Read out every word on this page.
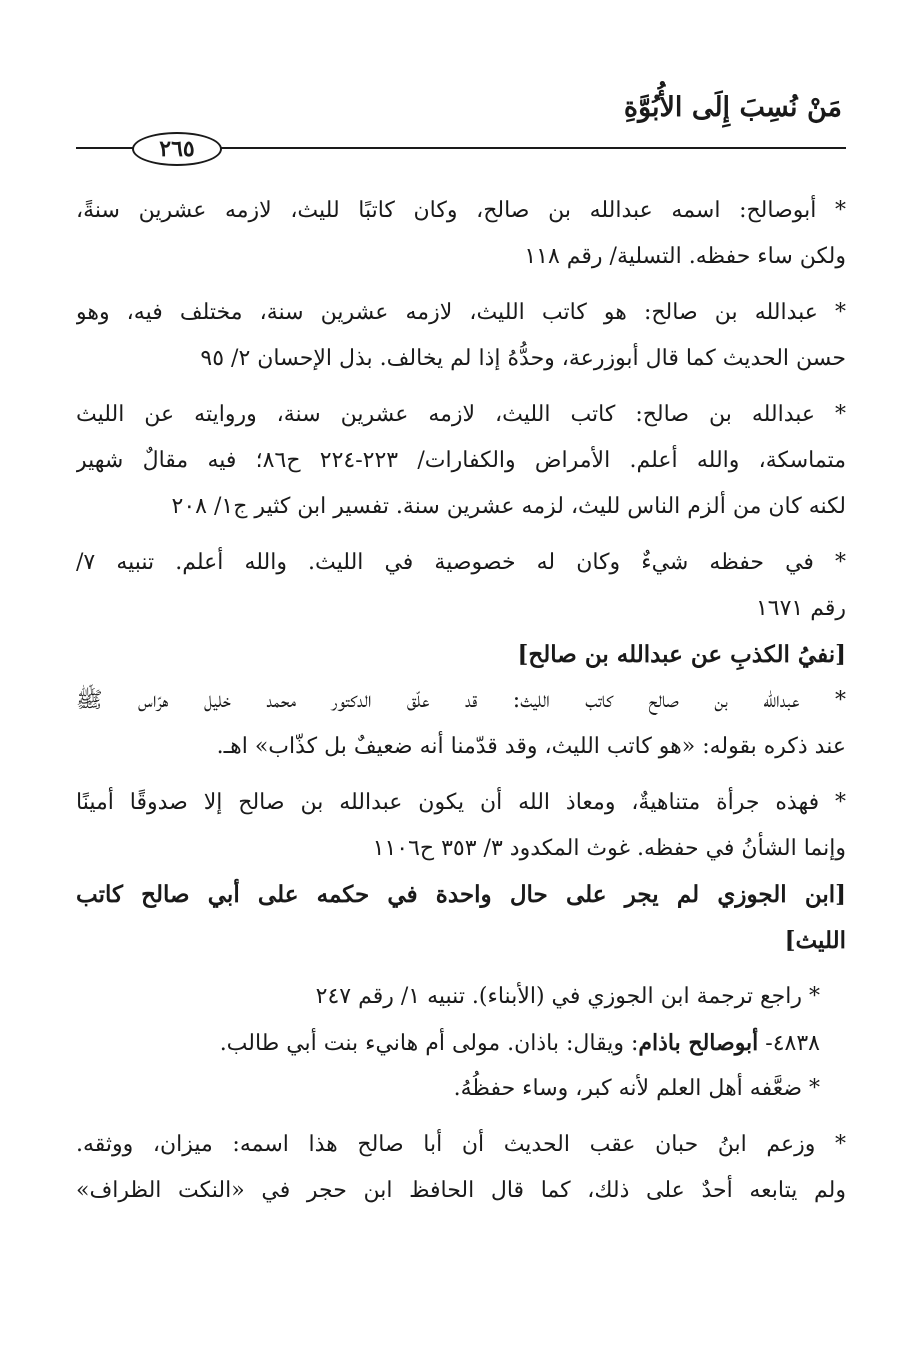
مَنْ نُسِبَ إِلَى الأُبُوَّةِ
٢٦٥
* أبوصالح: اسمه عبدالله بن صالح، وكان كاتبًا لليث، لازمه عشرين سنةً،
ولكن ساء حفظه. التسلية/ رقم ١١٨
* عبدالله بن صالح: هو كاتب الليث، لازمه عشرين سنة، مختلف فيه، وهو
حسن الحديث كما قال أبوزرعة، وحدُّهُ إذا لم يخالف. بذل الإحسان ٢/ ٩٥
* عبدالله بن صالح: كاتب الليث، لازمه عشرين سنة، وروايته عن الليث
متماسكة، والله أعلم. الأمراض والكفارات/ ٢٢٣-٢٢٤ ح٨٦؛ فيه مقالٌ شهير
لكنه كان من ألزم الناس لليث، لزمه عشرين سنة. تفسير ابن كثير ج١/ ٢٠٨
* في حفظه شيءٌ وكان له خصوصية في الليث. والله أعلم. تنبيه ٧/
رقم ١٦٧١
[نفيُ الكذبِ عن عبدالله بن صالح]
* عبدالله بن صالح كاتب الليث: قد علّق الدكتور محمد خليل هرّاس ﷺ
عند ذكره بقوله: «هو كاتب الليث، وقد قدّمنا أنه ضعيفٌ بل كذّاب» اهـ.
* فهذه جرأة متناهيةٌ، ومعاذ الله أن يكون عبدالله بن صالح إلا صدوقًا أمينًا
وإنما الشأنُ في حفظه. غوث المكدود ٣/ ٣٥٣ ح١١٠٦
[ابن الجوزي لم يجر على حال واحدة في حكمه على أبي صالح كاتب
الليث]
* راجع ترجمة ابن الجوزي في (الأبناء). تنبيه ١/ رقم ٢٤٧
٤٨٣٨- أبوصالح باذام: ويقال: باذان. مولى أم هانيء بنت أبي طالب.
* ضعَّفه أهل العلم لأنه كبر، وساء حفظُهُ.
* وزعم ابنُ حبان عقب الحديث أن أبا صالح هذا اسمه: ميزان، ووثقه.
ولم يتابعه أحدٌ على ذلك، كما قال الحافظ ابن حجر في «النكت الظراف»
